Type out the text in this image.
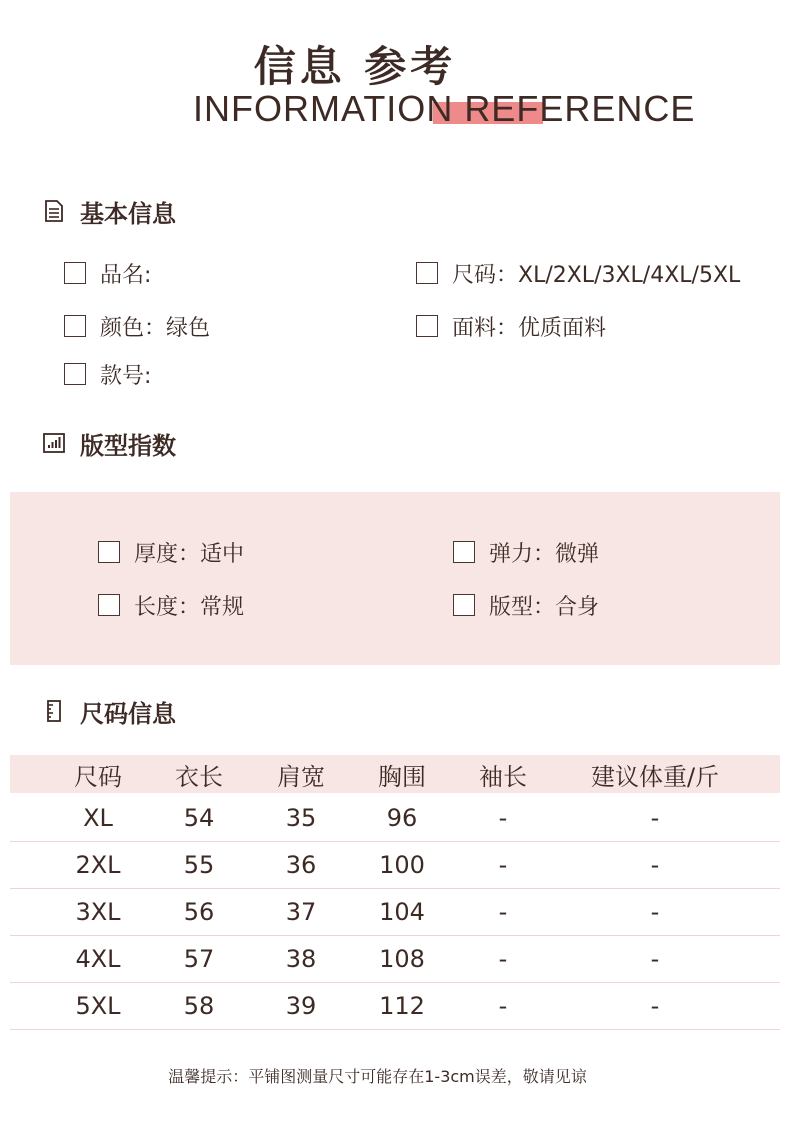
信息 参考
INFORMATION REFERENCE
基本信息
品名:	尺码：XL/2XL/3XL/4XL/5XL
颜色：绿色	面料：优质面料
款号:
版型指数
厚度：适中	弹力：微弹
长度：常规	版型：合身
尺码信息
尺码	衣长	肩宽	胸围	袖长	建议体重/斤
XL	54	35	96	-	-
2XL	55	36	100	-	-
3XL	56	37	104	-	-
4XL	57	38	108	-	-
5XL	58	39	112	-	-
温馨提示：平铺图测量尺寸可能存在1-3cm误差，敬请见谅
